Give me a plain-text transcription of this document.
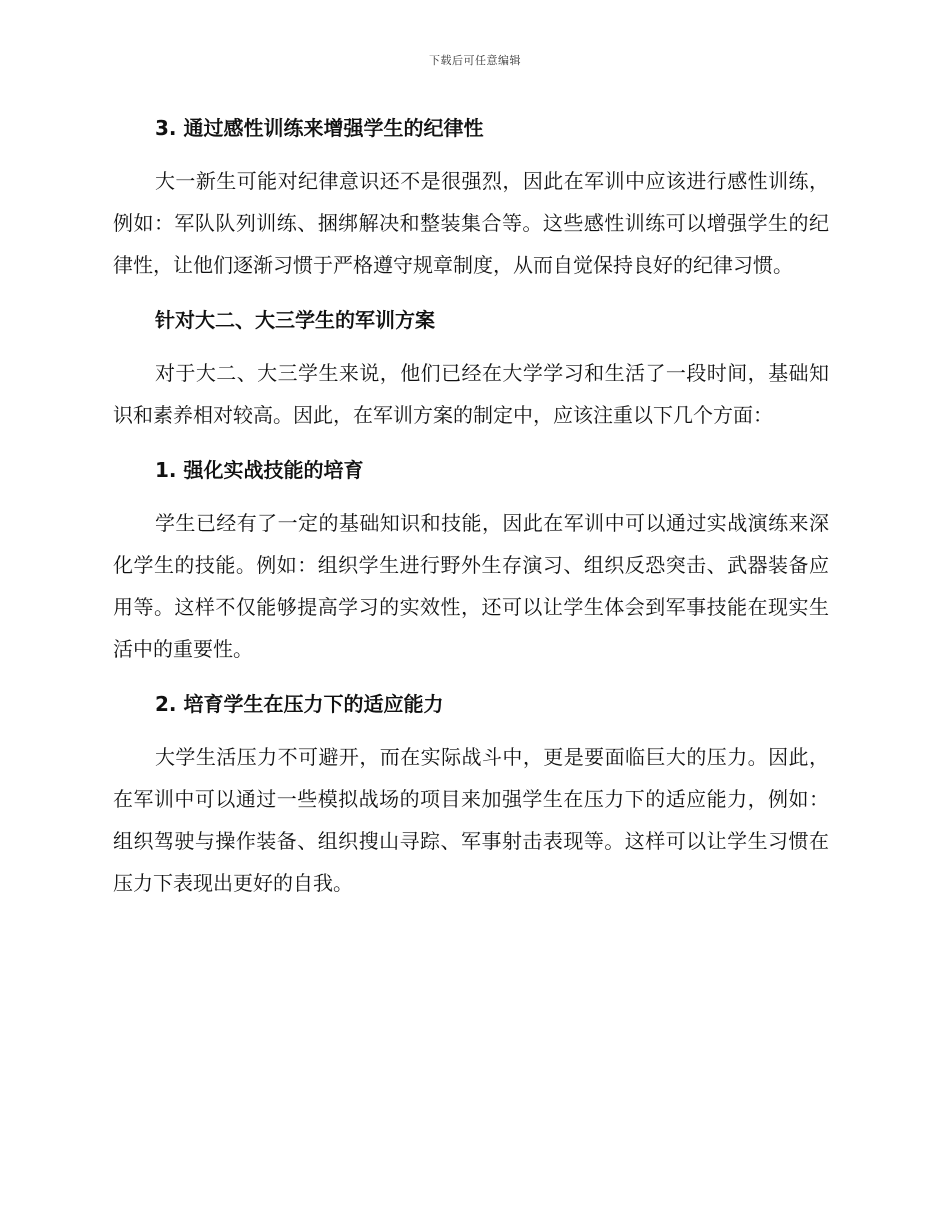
下载后可任意编辑
3. 通过感性训练来增强学生的纪律性

大一新生可能对纪律意识还不是很强烈，因此在军训中应该进行感性训练，例如：军队队列训练、捆绑解决和整装集合等。这些感性训练可以增强学生的纪律性，让他们逐渐习惯于严格遵守规章制度，从而自觉保持良好的纪律习惯。

针对大二、大三学生的军训方案

对于大二、大三学生来说，他们已经在大学学习和生活了一段时间，基础知识和素养相对较高。因此，在军训方案的制定中，应该注重以下几个方面：

1. 强化实战技能的培育

学生已经有了一定的基础知识和技能，因此在军训中可以通过实战演练来深化学生的技能。例如：组织学生进行野外生存演习、组织反恐突击、武器装备应用等。这样不仅能够提高学习的实效性，还可以让学生体会到军事技能在现实生活中的重要性。

2. 培育学生在压力下的适应能力

大学生活压力不可避开，而在实际战斗中，更是要面临巨大的压力。因此，在军训中可以通过一些模拟战场的项目来加强学生在压力下的适应能力，例如：组织驾驶与操作装备、组织搜山寻踪、军事射击表现等。这样可以让学生习惯在压力下表现出更好的自我。
